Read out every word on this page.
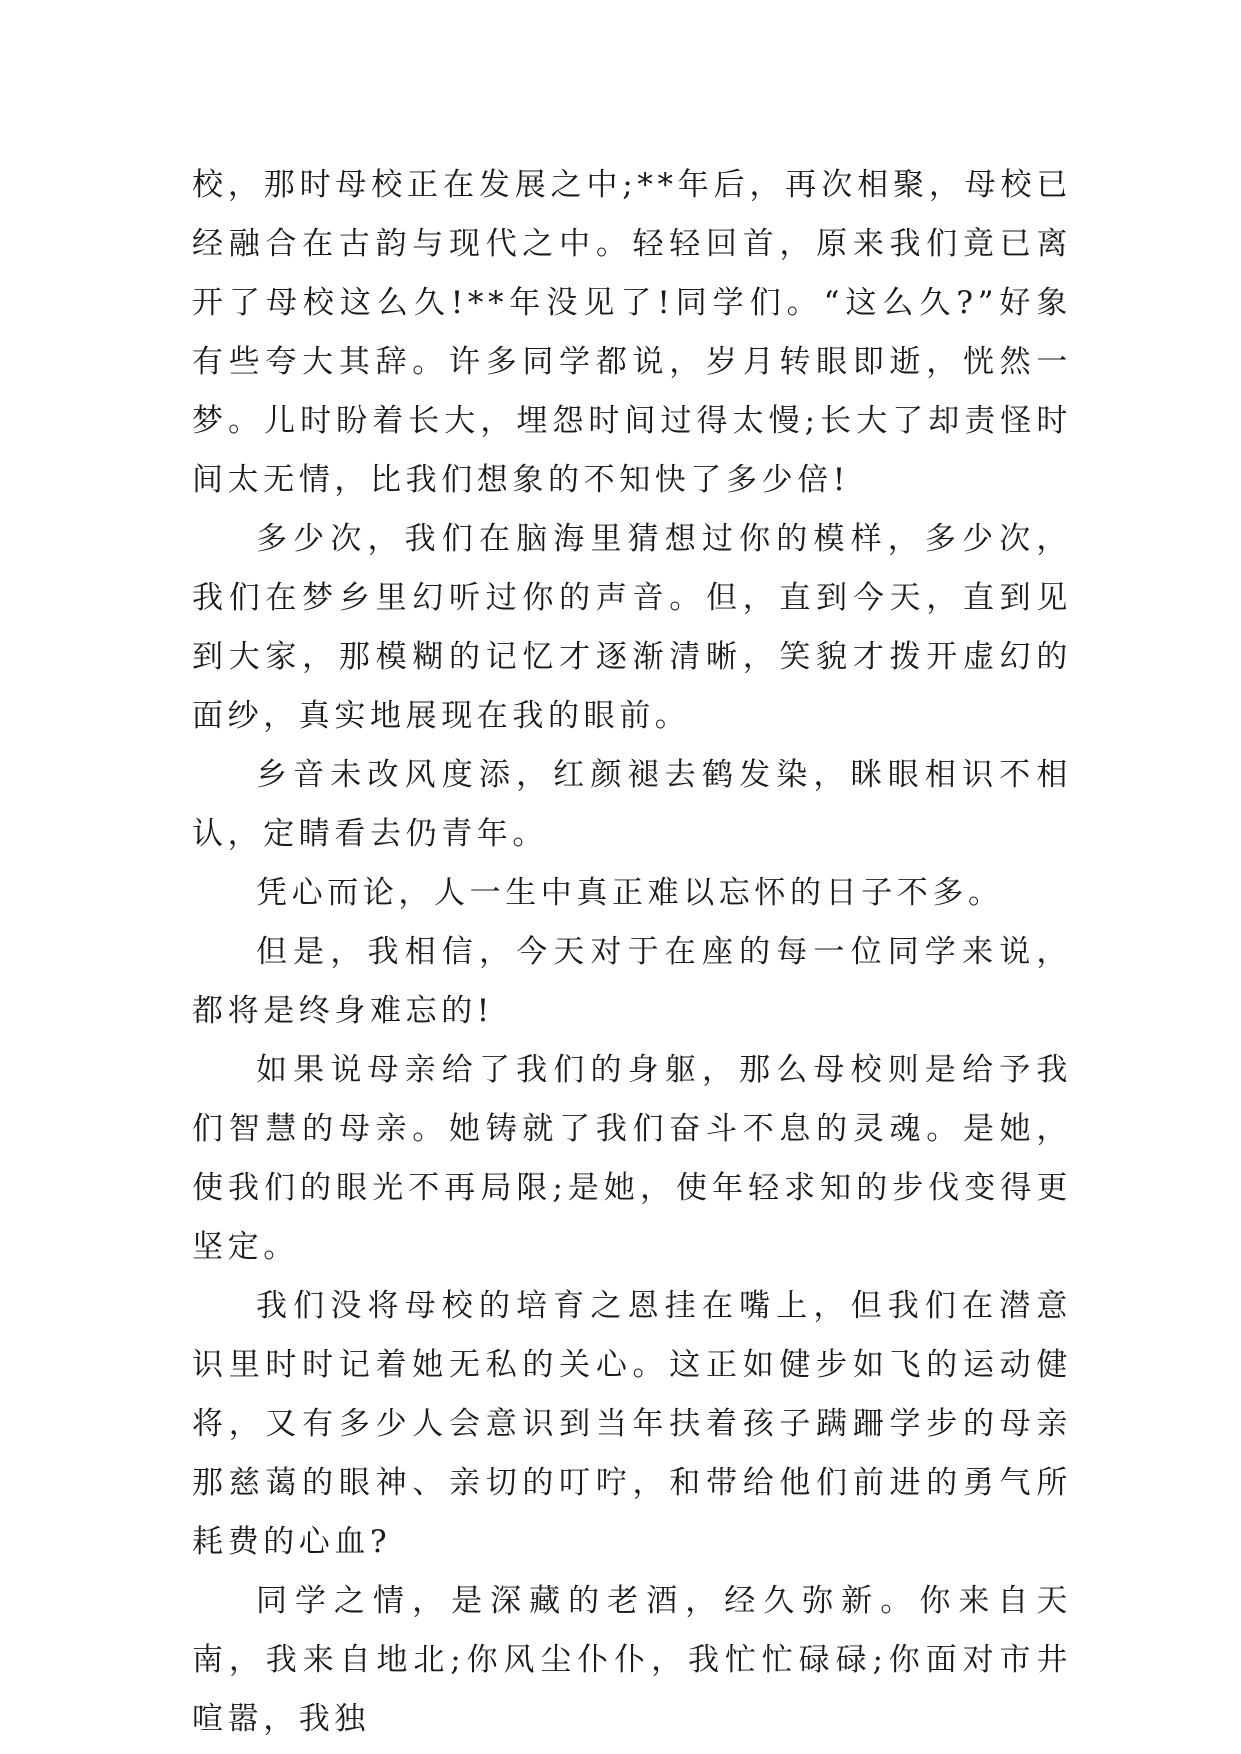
校，那时母校正在发展之中;**年后，再次相聚，母校已经融合在古韵与现代之中。轻轻回首，原来我们竟已离开了母校这么久!**年没见了!同学们。“这么久?”好象有些夸大其辞。许多同学都说，岁月转眼即逝，恍然一梦。儿时盼着长大，埋怨时间过得太慢;长大了却责怪时间太无情，比我们想象的不知快了多少倍!

多少次，我们在脑海里猜想过你的模样，多少次，我们在梦乡里幻听过你的声音。但，直到今天，直到见到大家，那模糊的记忆才逐渐清晰，笑貌才拨开虚幻的面纱，真实地展现在我的眼前。

乡音未改风度添，红颜褪去鹤发染，眯眼相识不相认，定睛看去仍青年。

凭心而论，人一生中真正难以忘怀的日子不多。

但是，我相信，今天对于在座的每一位同学来说，都将是终身难忘的!

如果说母亲给了我们的身躯，那么母校则是给予我们智慧的母亲。她铸就了我们奋斗不息的灵魂。是她，使我们的眼光不再局限;是她，使年轻求知的步伐变得更坚定。

我们没将母校的培育之恩挂在嘴上，但我们在潜意识里时时记着她无私的关心。这正如健步如飞的运动健将，又有多少人会意识到当年扶着孩子蹒跚学步的母亲那慈蔼的眼神、亲切的叮咛，和带给他们前进的勇气所耗费的心血?

同学之情，是深藏的老酒，经久弥新。你来自天南，我来自地北;你风尘仆仆，我忙忙碌碌;你面对市井喧嚣，我独
